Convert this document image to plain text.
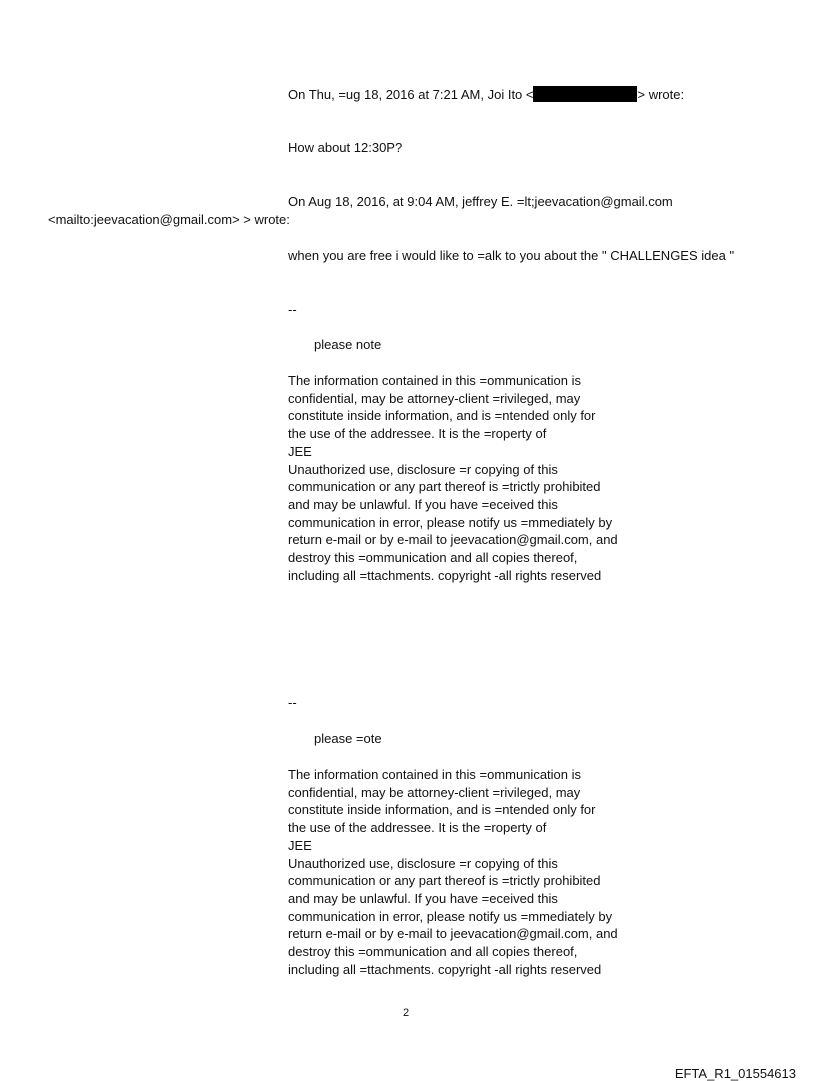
On Thu, =ug 18, 2016 at 7:21 AM, Joi Ito <	> wrote:

How about 12:30P?

On Aug 18, 2016, at 9:04 AM, jeffrey E. =lt;jeevacation@gmail.com

<mailto:jeevacation@gmail.com> > wrote:

when you are free i would like to =alk to you about the " CHALLENGES idea "

--

please note

The information contained in this =ommunication is
confidential, may be attorney-client =rivileged, may
constitute inside information, and is =ntended only for
the use of the addressee. It is the =roperty of
JEE
Unauthorized use, disclosure =r copying of this
communication or any part thereof is =trictly prohibited
and may be unlawful. If you have =eceived this
communication in error, please notify us =mmediately by
return e-mail or by e-mail to jeevacation@gmail.com, and
destroy this =ommunication and all copies thereof,
including all =ttachments. copyright -all rights reserved

--

please =ote

The information contained in this =ommunication is
confidential, may be attorney-client =rivileged, may
constitute inside information, and is =ntended only for
the use of the addressee. It is the =roperty of
JEE
Unauthorized use, disclosure =r copying of this
communication or any part thereof is =trictly prohibited
and may be unlawful. If you have =eceived this
communication in error, please notify us =mmediately by
return e-mail or by e-mail to jeevacation@gmail.com, and
destroy this =ommunication and all copies thereof,
including all =ttachments. copyright -all rights reserved

2

EFTA_R1_01554613
